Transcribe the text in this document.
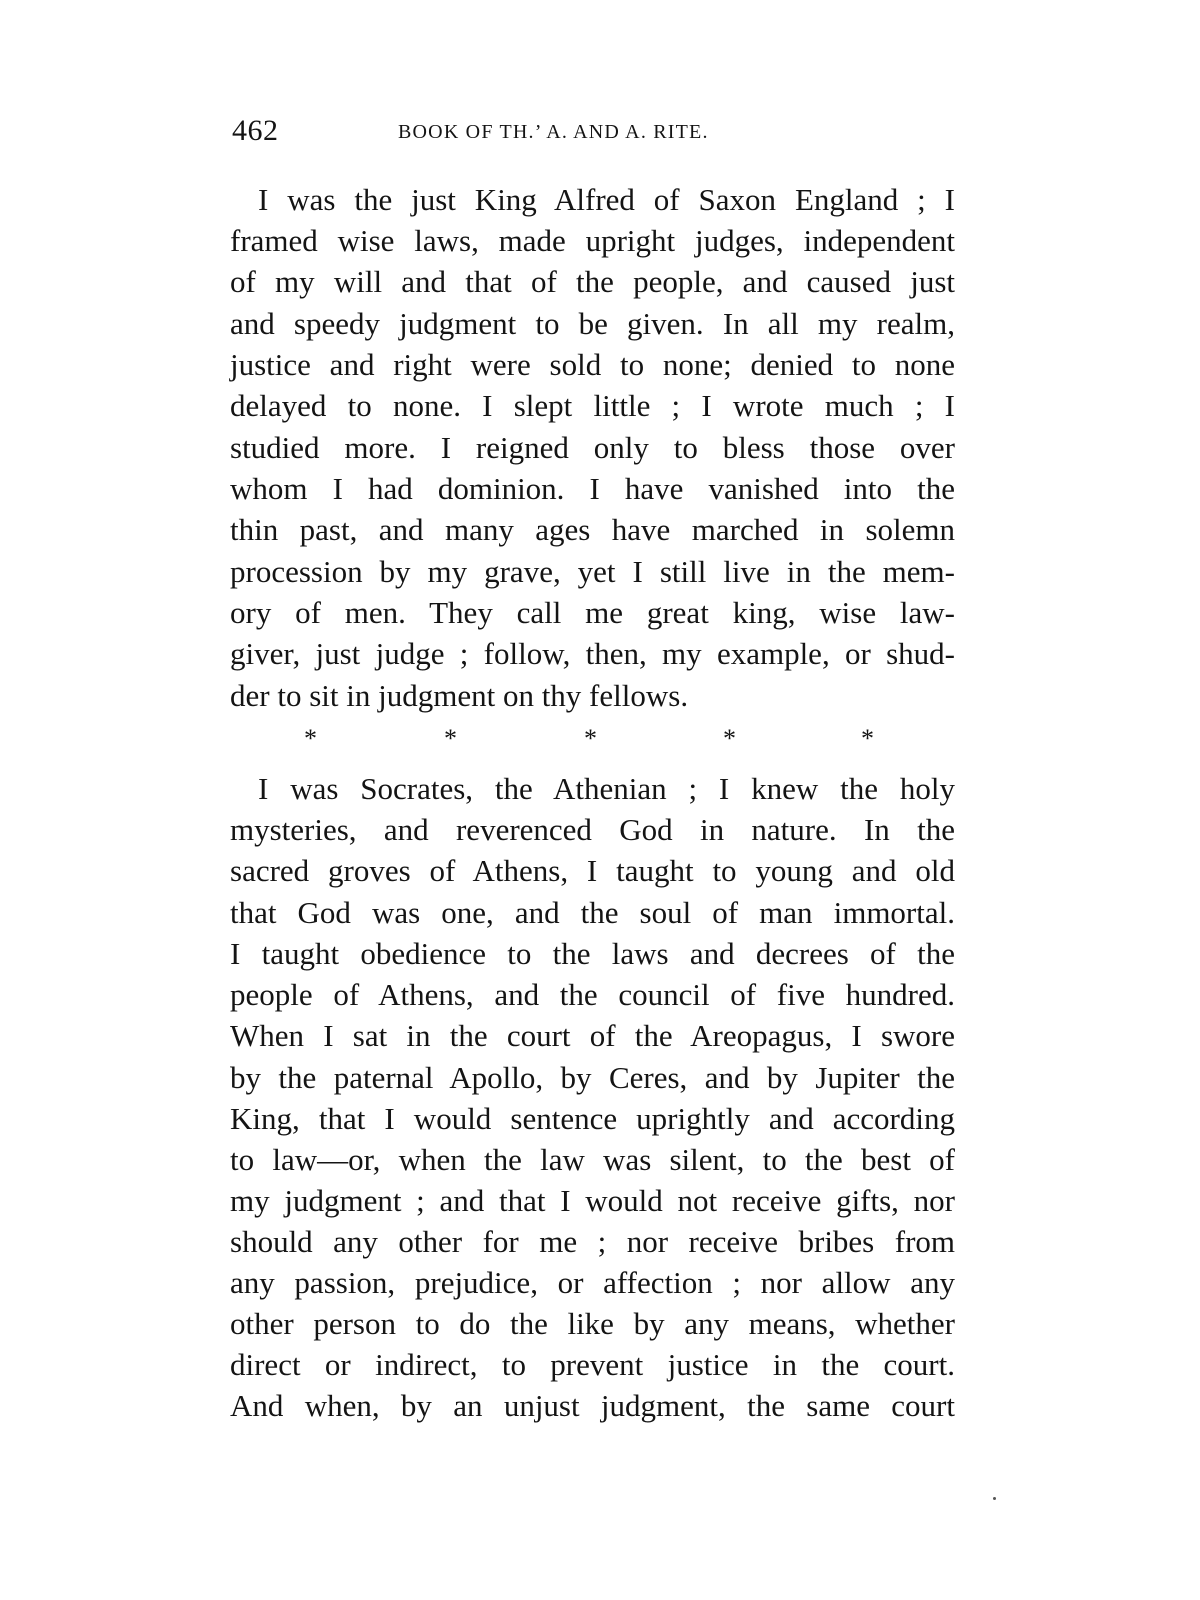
462	BOOK OF TH.’ A. AND A. RITE.
I was the just King Alfred of Saxon England ; I
framed wise laws, made upright judges, independent
of my will and that of the people, and caused just
and speedy judgment to be given. In all my realm,
justice and right were sold to none; denied to none
delayed to none. I slept little ; I wrote much ; I
studied more. I reigned only to bless those over
whom I had dominion. I have vanished into the
thin past, and many ages have marched in solemn
procession by my grave, yet I still live in the mem-
ory of men. They call me great king, wise law-
giver, just judge ; follow, then, my example, or shud-
der to sit in judgment on thy fellows.
*	*	*	*	*
I was Socrates, the Athenian ; I knew the holy
mysteries, and reverenced God in nature. In the
sacred groves of Athens, I taught to young and old
that God was one, and the soul of man immortal.
I taught obedience to the laws and decrees of the
people of Athens, and the council of five hundred.
When I sat in the court of the Areopagus, I swore
by the paternal Apollo, by Ceres, and by Jupiter the
King, that I would sentence uprightly and according
to law—or, when the law was silent, to the best of
my judgment ; and that I would not receive gifts, nor
should any other for me ; nor receive bribes from
any passion, prejudice, or affection ; nor allow any
other person to do the like by any means, whether
direct or indirect, to prevent justice in the court.
And when, by an unjust judgment, the same court
